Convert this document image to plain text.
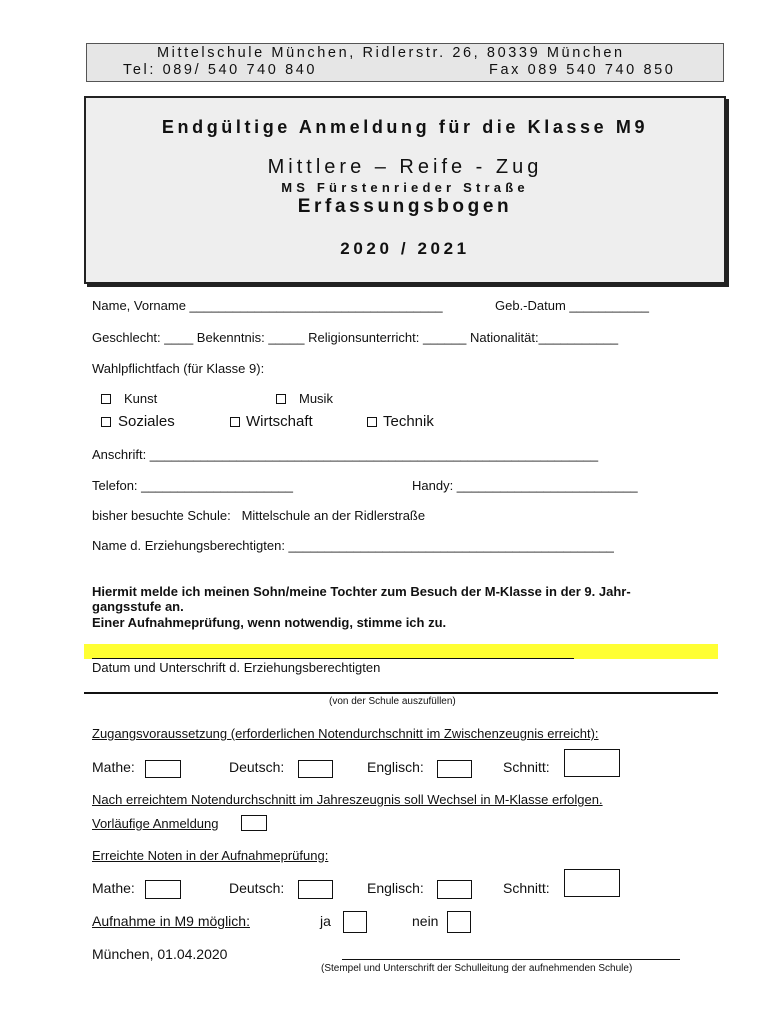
Mittelschule München, Ridlerstr. 26, 80339 München
Tel: 089/ 540 740 840	Fax 089 540 740 850
Endgültige Anmeldung für die Klasse M9
Mittlere – Reife - Zug
MS Fürstenrieder Straße
Erfassungsbogen
2020 / 2021
Name, Vorname ___________________________________	Geb.-Datum ___________
Geschlecht: ____ Bekenntnis: _____ Religionsunterricht: ______ Nationalität:___________
Wahlpflichtfach (für Klasse 9):
Kunst	Musik
Soziales	Wirtschaft	Technik
Anschrift: ______________________________________________________________
Telefon: _____________________	Handy: _________________________
bisher besuchte Schule:   Mittelschule an der Ridlerstraße
Name d. Erziehungsberechtigten: _____________________________________________
Hiermit melde ich meinen Sohn/meine Tochter zum Besuch der M-Klasse in der 9. Jahr-
gangsstufe an.
Einer Aufnahmeprüfung, wenn notwendig, stimme ich zu.
Datum und Unterschrift d. Erziehungsberechtigten
(von der Schule auszufüllen)
Zugangsvoraussetzung (erforderlichen Notendurchschnitt im Zwischenzeugnis erreicht):
Mathe:	Deutsch:	Englisch:	Schnitt:
Nach erreichtem Notendurchschnitt im Jahreszeugnis soll Wechsel in M-Klasse erfolgen.
Vorläufige Anmeldung
Erreichte Noten in der Aufnahmeprüfung:
Mathe:	Deutsch:	Englisch:	Schnitt:
Aufnahme in M9 möglich:	ja	nein
München, 01.04.2020
(Stempel und Unterschrift der Schulleitung der aufnehmenden Schule)
